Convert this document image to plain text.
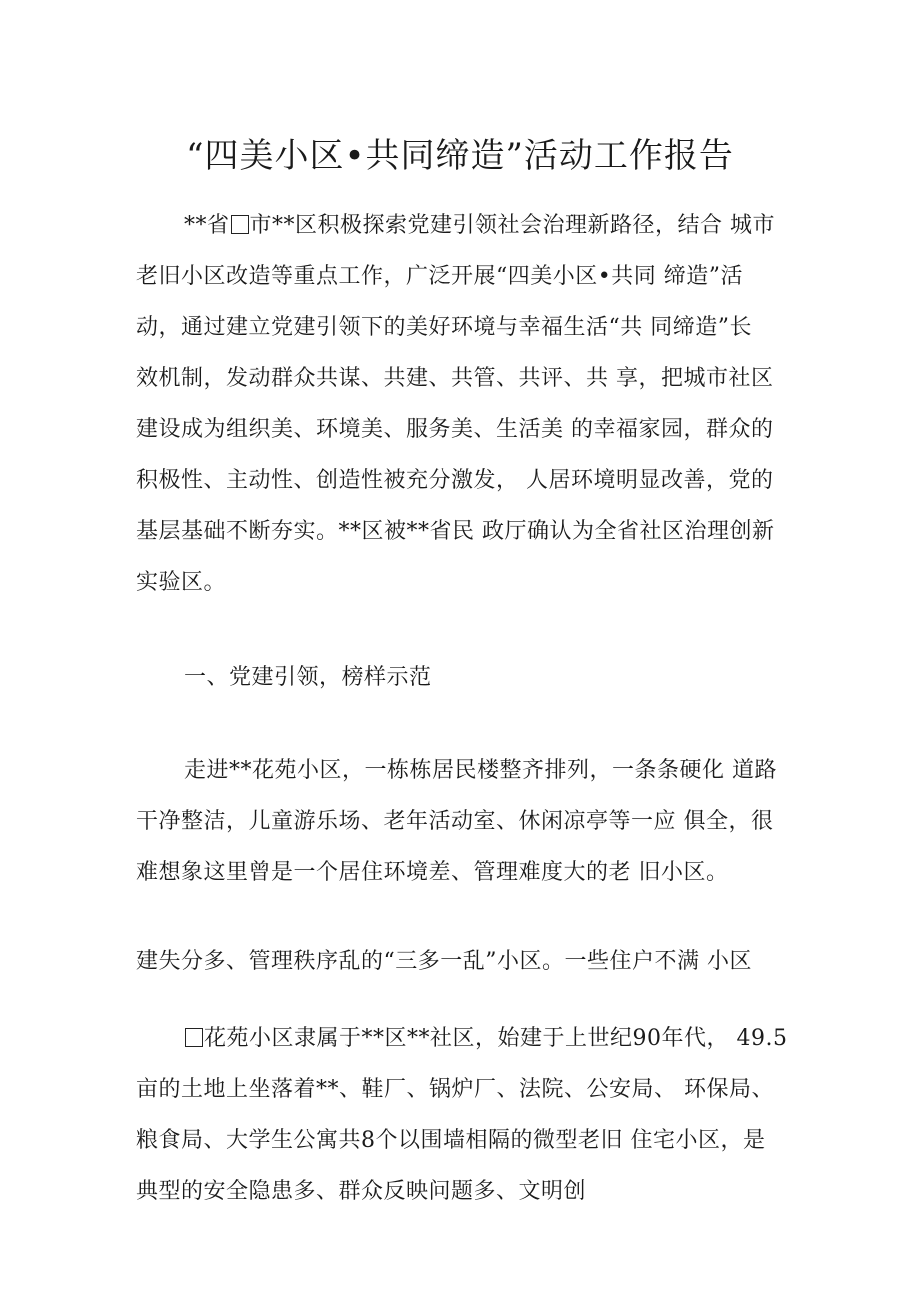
“四美小区•共同缔造”活动工作报告
**省 市**区积极探索党建引领社会治理新路径，结合 城市
老旧小区改造等重点工作，广泛开展“四美小区•共同 缔造”活
动，通过建立党建引领下的美好环境与幸福生活“共 同缔造”长
效机制，发动群众共谋、共建、共管、共评、共 享，把城市社区
建设成为组织美、环境美、服务美、生活美 的幸福家园，群众的
积极性、主动性、创造性被充分激发， 人居环境明显改善，党的
基层基础不断夯实。**区被**省民 政厅确认为全省社区治理创新
实验区。
一、党建引领，榜样示范
走进**花苑小区，一栋栋居民楼整齐排列，一条条硬化 道路
干净整洁，儿童游乐场、老年活动室、休闲凉亭等一应 俱全，很
难想象这里曾是一个居住环境差、管理难度大的老 旧小区。
建失分多、管理秩序乱的“三多一乱”小区。一些住户不满 小区
花苑小区隶属于**区**社区，始建于上世纪90年代， 49.5
亩的土地上坐落着**、鞋厂、锅炉厂、法院、公安局、 环保局、
粮食局、大学生公寓共8个以围墙相隔的微型老旧 住宅小区，是
典型的安全隐患多、群众反映问题多、文明创
